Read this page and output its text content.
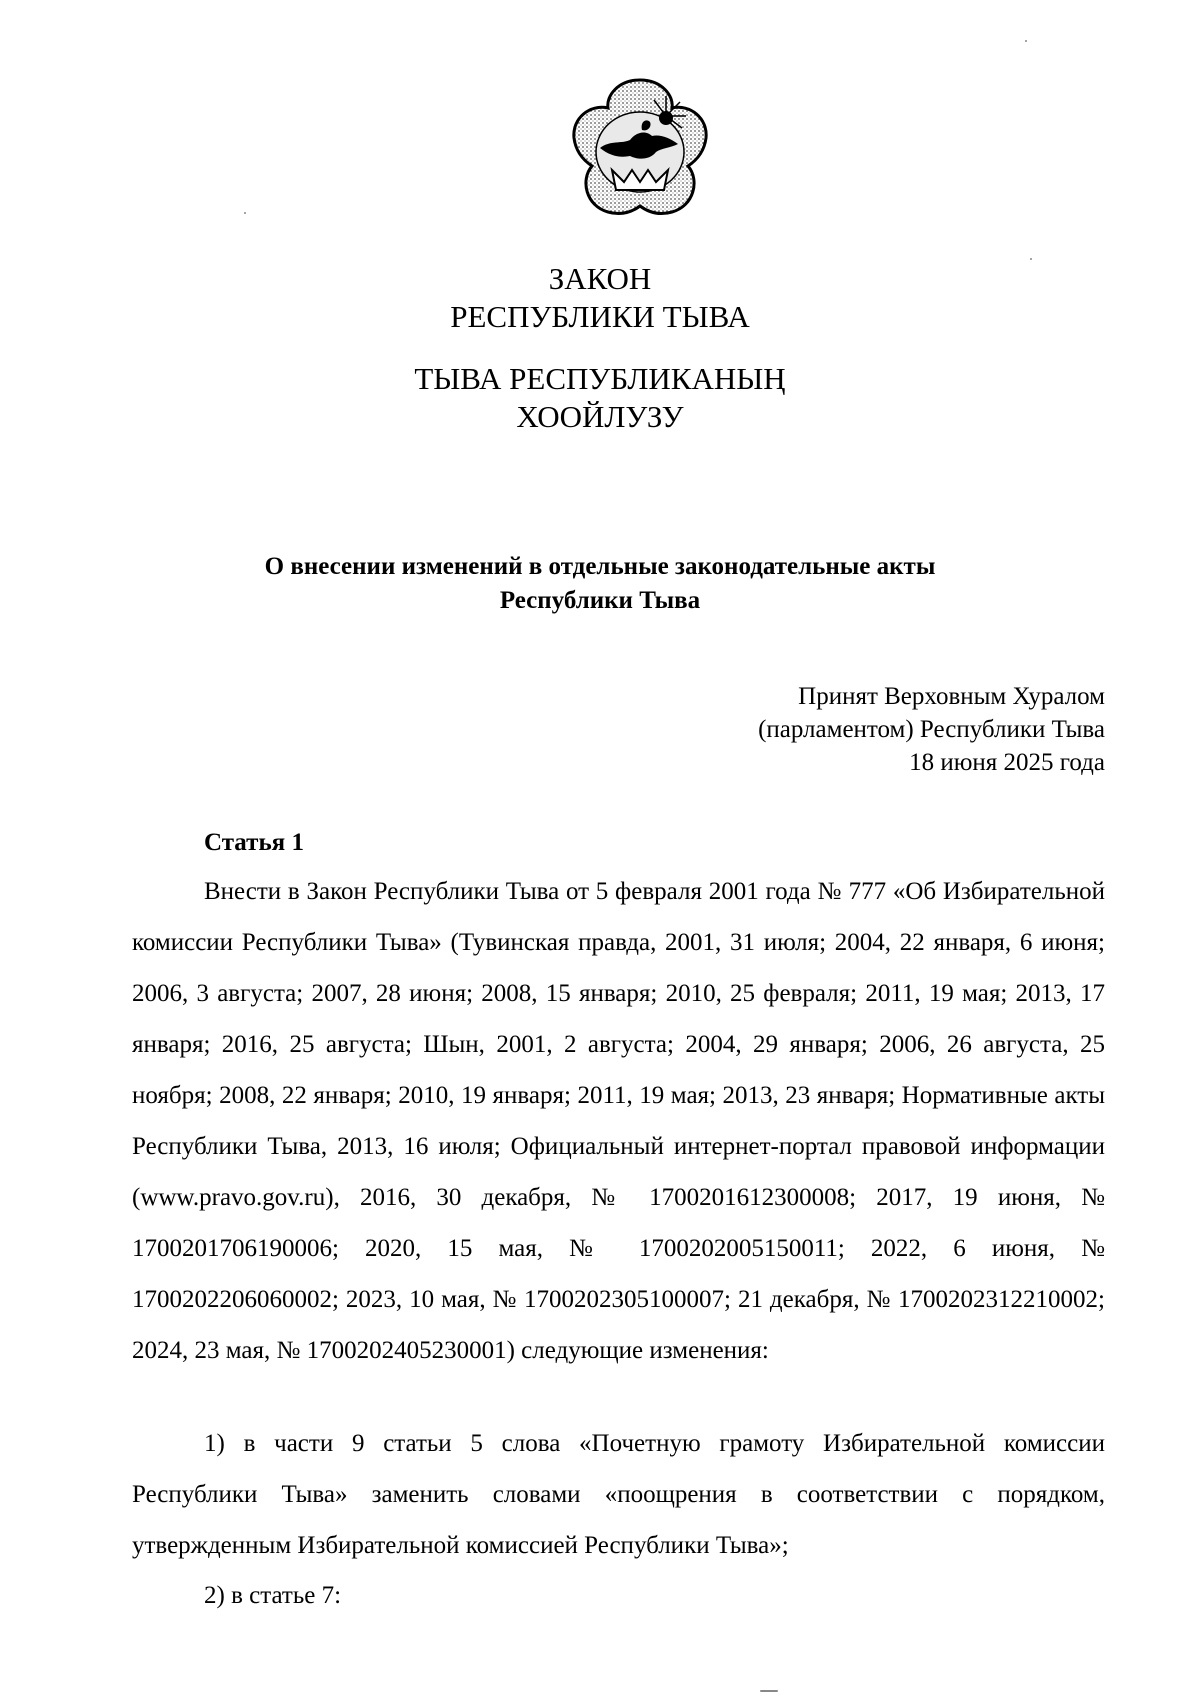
ЗАКОН
РЕСПУБЛИКИ ТЫВА
ТЫВА РЕСПУБЛИКАНЫҢ
ХООЙЛУЗУ
О внесении изменений в отдельные законодательные акты
Республики Тыва
Принят Верховным Хуралом
(парламентом) Республики Тыва
18 июня 2025 года
Статья 1
Внести в Закон Республики Тыва от 5 февраля 2001 года № 777 «Об Избирательной комиссии Республики Тыва» (Тувинская правда, 2001, 31 июля; 2004, 22 января, 6 июня; 2006, 3 августа; 2007, 28 июня; 2008, 15 января; 2010, 25 февраля; 2011, 19 мая; 2013, 17 января; 2016, 25 августа; Шын, 2001, 2 августа; 2004, 29 января; 2006, 26 августа, 25 ноября; 2008, 22 января; 2010, 19 января; 2011, 19 мая; 2013, 23 января; Нормативные акты Республики Тыва, 2013, 16 июля; Официальный интернет-портал правовой информации (www.pravo.gov.ru), 2016, 30 декабря, № 1700201612300008; 2017, 19 июня, № 1700201706190006; 2020, 15 мая, № 1700202005150011; 2022, 6 июня, № 1700202206060002; 2023, 10 мая, № 1700202305100007; 21 декабря, № 1700202312210002; 2024, 23 мая, № 1700202405230001) следующие изменения:
1) в части 9 статьи 5 слова «Почетную грамоту Избирательной комиссии Республики Тыва» заменить словами «поощрения в соответствии с порядком, утвержденным Избирательной комиссией Республики Тыва»;
2) в статье 7:
